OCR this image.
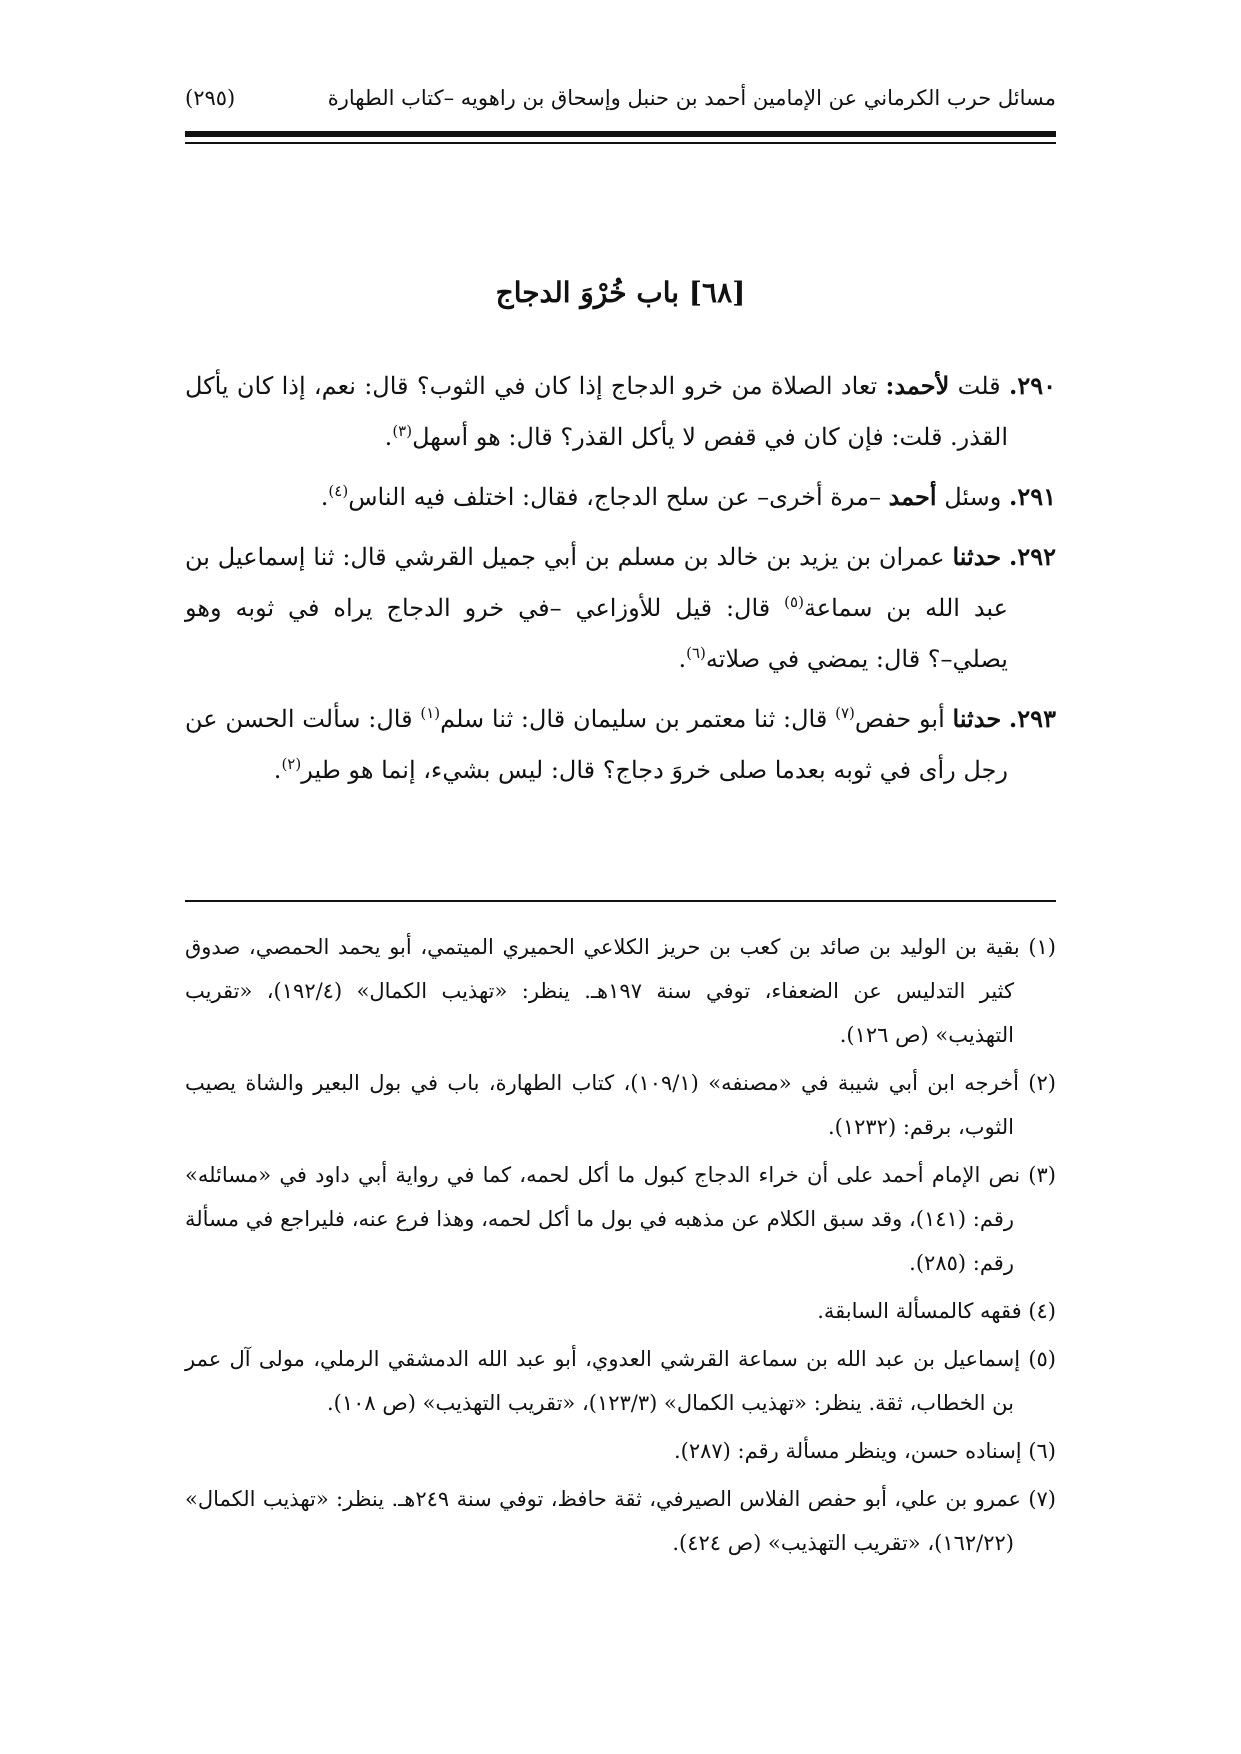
مسائل حرب الكرماني عن الإمامين أحمد بن حنبل وإسحاق بن راهويه –كتاب الطهارة
(٢٩٥)
[٦٨] باب خُرْوَ الدجاج

٢٩٠. قلت لأحمد: تعاد الصلاة من خرو الدجاج إذا كان في الثوب؟ قال: نعم، إذا كان يأكل القذر. قلت: فإن كان في قفص لا يأكل القذر؟ قال: هو أسهل$^{(٣)}$.

٢٩١. وسئل أحمد –مرة أخرى– عن سلح الدجاج، فقال: اختلف فيه الناس$^{(٤)}$.

٢٩٢. حدثنا عمران بن يزيد بن خالد بن مسلم بن أبي جميل القرشي قال: ثنا إسماعيل بن عبد الله بن سماعة$^{(٥)}$ قال: قيل للأوزاعي –في خرو الدجاج يراه في ثوبه وهو يصلي–؟ قال: يمضي في صلاته$^{(٦)}$.

٢٩٣. حدثنا أبو حفص$^{(٧)}$ قال: ثنا معتمر بن سليمان قال: ثنا سلم$^{(١)}$ قال: سألت الحسن عن رجل رأى في ثوبه بعدما صلى خروَ دجاج؟ قال: ليس بشيء، إنما هو طير$^{(٢)}$.

(١) بقية بن الوليد بن صائد بن كعب بن حريز الكلاعي الحميري الميتمي، أبو يحمد الحمصي، صدوق كثير التدليس عن الضعفاء، توفي سنة ١٩٧هـ. ينظر: «تهذيب الكمال» (١٩٢/٤)، «تقريب التهذيب» (ص ١٢٦).

(٢) أخرجه ابن أبي شيبة في «مصنفه» (١٠٩/١)، كتاب الطهارة، باب في بول البعير والشاة يصيب الثوب، برقم: (١٢٣٢).

(٣) نص الإمام أحمد على أن خراء الدجاج كبول ما أكل لحمه، كما في رواية أبي داود في «مسائله» رقم: (١٤١)، وقد سبق الكلام عن مذهبه في بول ما أكل لحمه، وهذا فرع عنه، فليراجع في مسألة رقم: (٢٨٥).

(٤) فقهه كالمسألة السابقة.

(٥) إسماعيل بن عبد الله بن سماعة القرشي العدوي، أبو عبد الله الدمشقي الرملي، مولى آل عمر بن الخطاب، ثقة. ينظر: «تهذيب الكمال» (١٢٣/٣)، «تقريب التهذيب» (ص ١٠٨).

(٦) إسناده حسن، وينظر مسألة رقم: (٢٨٧).

(٧) عمرو بن علي، أبو حفص الفلاس الصيرفي، ثقة حافظ، توفي سنة ٢٤٩هـ. ينظر: «تهذيب الكمال» (١٦٢/٢٢)، «تقريب التهذيب» (ص ٤٢٤).
